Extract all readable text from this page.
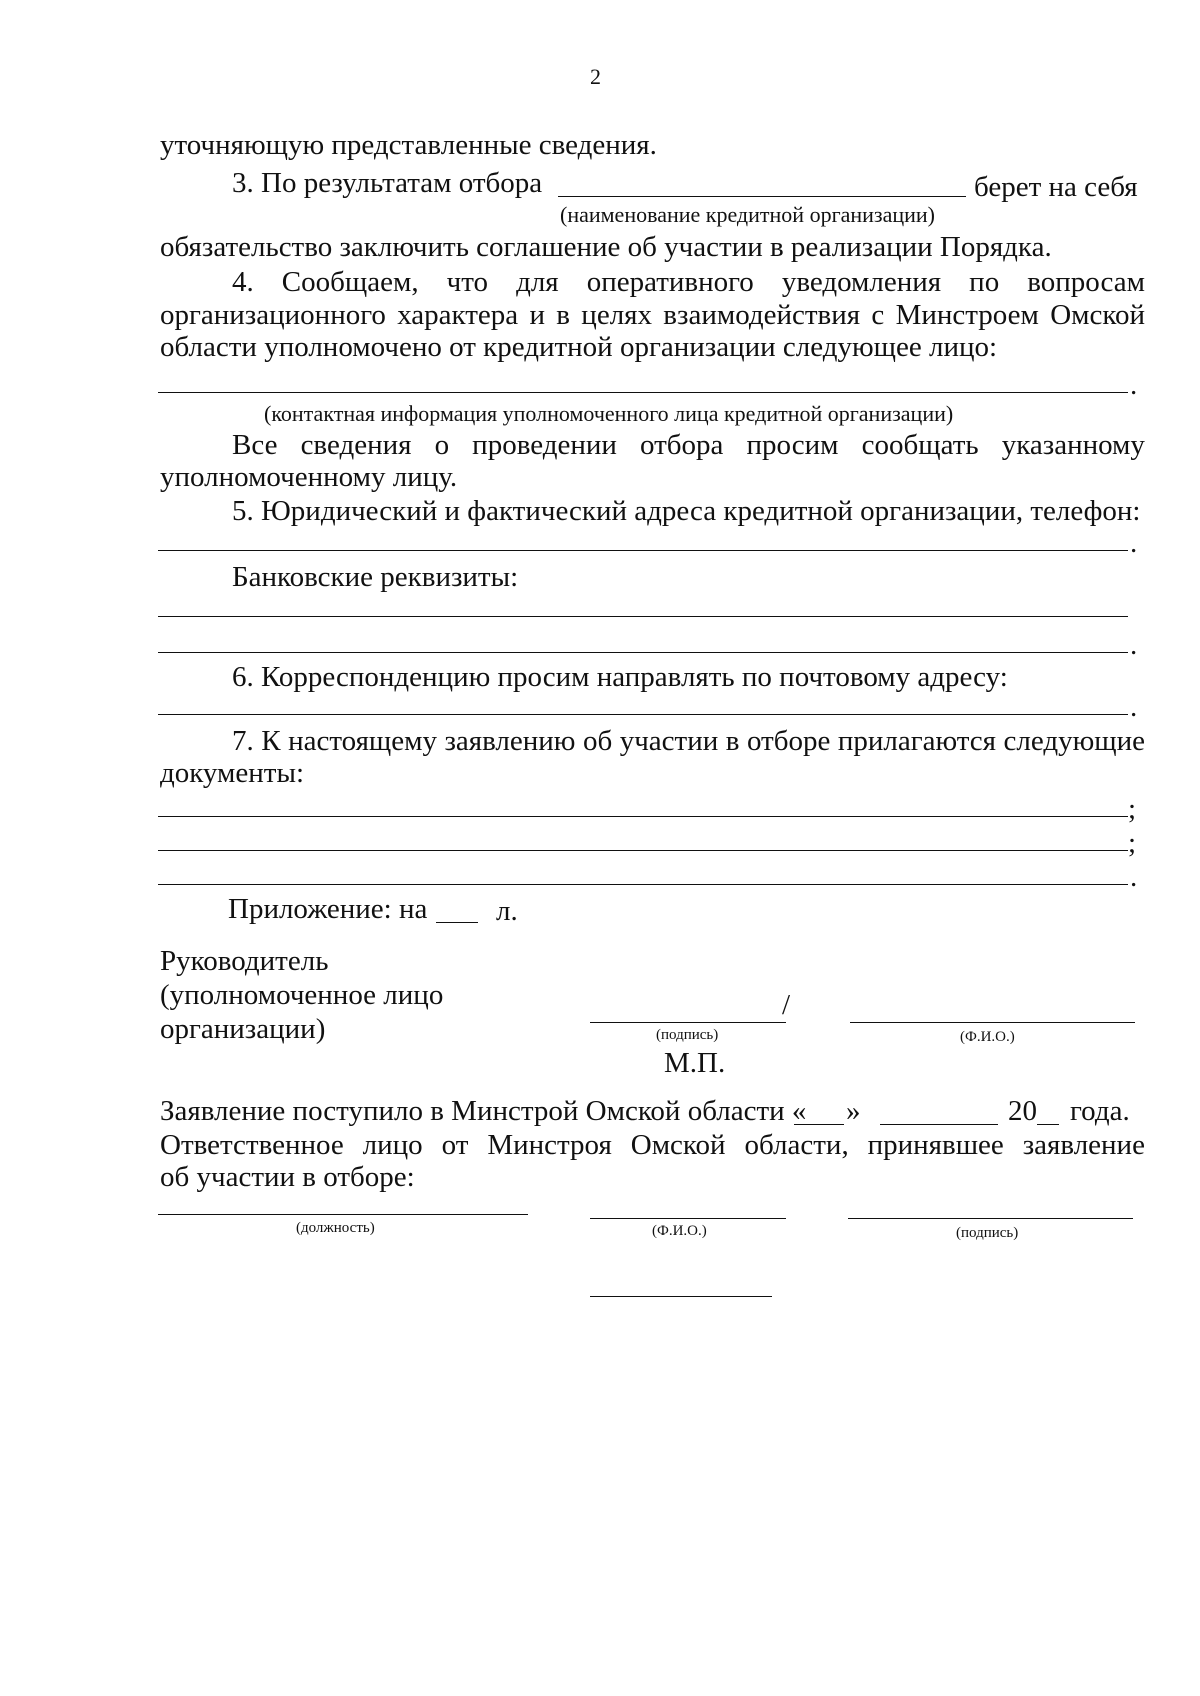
2
уточняющую представленные сведения.
3. По результатам отбора	берет на себя
(наименование кредитной организации)
обязательство заключить соглашение об участии в реализации Порядка.
4. Сообщаем, что для оперативного уведомления по вопросам
организационного характера и в целях взаимодействия с Минстроем Омской
области уполномочено от кредитной организации следующее лицо:
.
(контактная информация уполномоченного лица кредитной организации)
Все сведения о проведении отбора просим сообщать указанному
уполномоченному лицу.
5. Юридический и фактический адреса кредитной организации, телефон:
.
Банковские реквизиты:
.
6. Корреспонденцию просим направлять по почтовому адресу:
.
7. К настоящему заявлению об участии в отборе прилагаются следующие
документы:
;
;
.
Приложение: на л.
Руководитель
(уполномоченное лицо
организации)
/
(подпись)	(Ф.И.О.)
М.П.
Заявление поступило в Минстрой Омской области « »	20 года.
Ответственное лицо от Минстроя Омской области, принявшее заявление
об участии в отборе:
(должность)	(Ф.И.О.)	(подпись)
